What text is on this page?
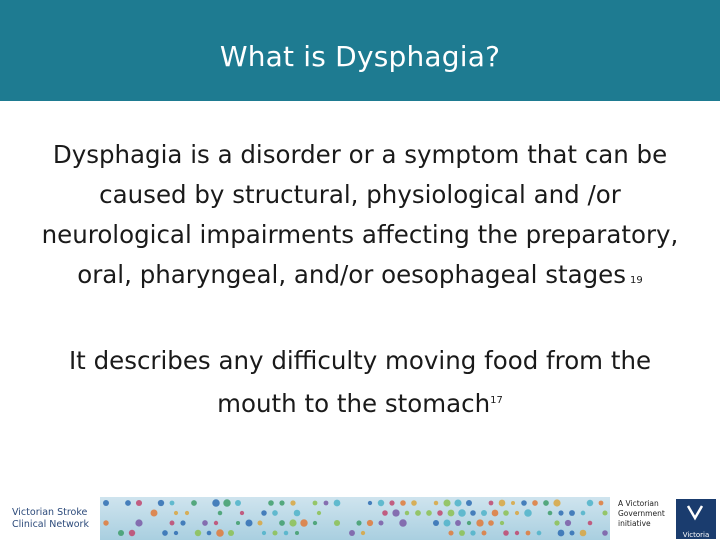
What is Dysphagia?

Dysphagia is a disorder or a symptom that can be caused by structural, physiological and /or neurological impairments affecting the preparatory, oral, pharyngeal, and/or oesophageal stages 19

It describes any difficulty moving food from the mouth to the stomach$^{17}$

Victorian Stroke
Clinical Network
A Victorian
Government
initiative
Victoria
